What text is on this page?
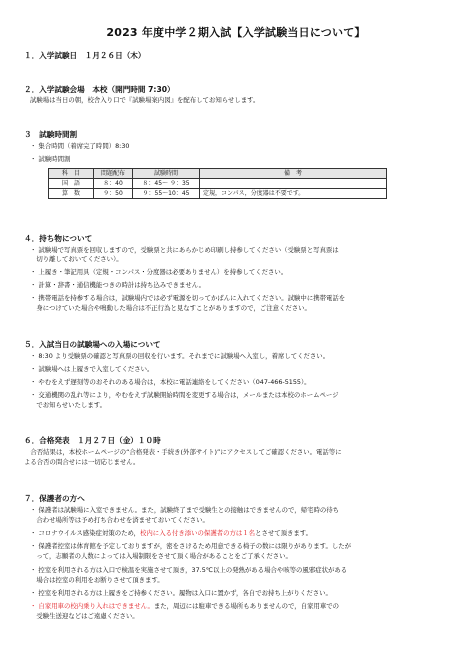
2023 年度中学２期入試【入学試験当日について】
１．入学試験日　１月２６日（木）
２．入学試験会場　本校（開門時間 7:30）
試験場は当日の朝，校舎入り口で『試験場案内図』を配布してお知らせします。
３　試験時間割
・ 集合時間（着席完了時間）8:30
・ 試験時間割
科　目	問題配布	試験時間	備　考
国　語	８：40	８：45～ ９：35	
算　数	９：50	９：55～10：45	定規，コンパス，分度器は不要です。
４．持ち物について
・ 試験場で写真票を回収しますので，受験票と共にあらかじめ印刷し持参してください（受験票と写真票は
　切り離しておいてください）。
・ 上履き・筆記用具（定規・コンパス・分度器は必要ありません）を持参してください。
・ 計算・辞書・通信機能つきの時計は持ち込みできません。
・ 携帯電話を持参する場合は，試験場内では必ず電源を切ってかばんに入れてください。試験中に携帯電話を
　身につけていた場合や鳴動した場合は不正行為と見なすことがありますので，ご注意ください。
５．入試当日の試験場への入場について
・ 8:30 より受験票の確認と写真票の回収を行います。それまでに試験場へ入室し，着席してください。
・ 試験場へは上履きで入室してください。
・ やむをえず遅刻等のおそれのある場合は，本校に電話連絡をしてください（047-466-5155）。
・ 交通機関の乱れ等により，やむをえず試験開始時間を変更する場合は，メールまたは本校のホームページ
　でお知らせいたします。
６．合格発表　１月２７日（金）１０時
　合否結果は，本校ホームページの“合格発表・手続き(外部サイト)”にアクセスしてご確認ください。電話等に
よる合否の問合せには一切応じません。
７．保護者の方へ
・ 保護者は試験場に入室できません。また，試験終了まで受験生との接触はできませんので，帰宅時の待ち
　合わせ場所等は予め打ち合わせを済ませておいてください。
・ コロナウイルス感染症対策のため，校内に入る付き添いの保護者の方は１名とさせて頂きます。
・ 保護者控室は体育館を予定しておりますが，密をさけるため用意できる椅子の数には限りがあります。したが
　って，志願者の人数によっては入場制限をさせて頂く場合があることをご了承ください。
・ 控室を利用される方は入口で検温を実施させて頂き，37.5℃以上の発熱がある場合や咳等の風邪症状がある
　場合は控室の利用をお断りさせて頂きます。
・ 控室を利用される方は上履きをご持参ください。履物は入口に置かず，各自でお持ち上がりください。
・ 自家用車の校内乗り入れはできません。また，周辺には駐車できる場所もありませんので，自家用車での
　受験生送迎などはご遠慮ください。
